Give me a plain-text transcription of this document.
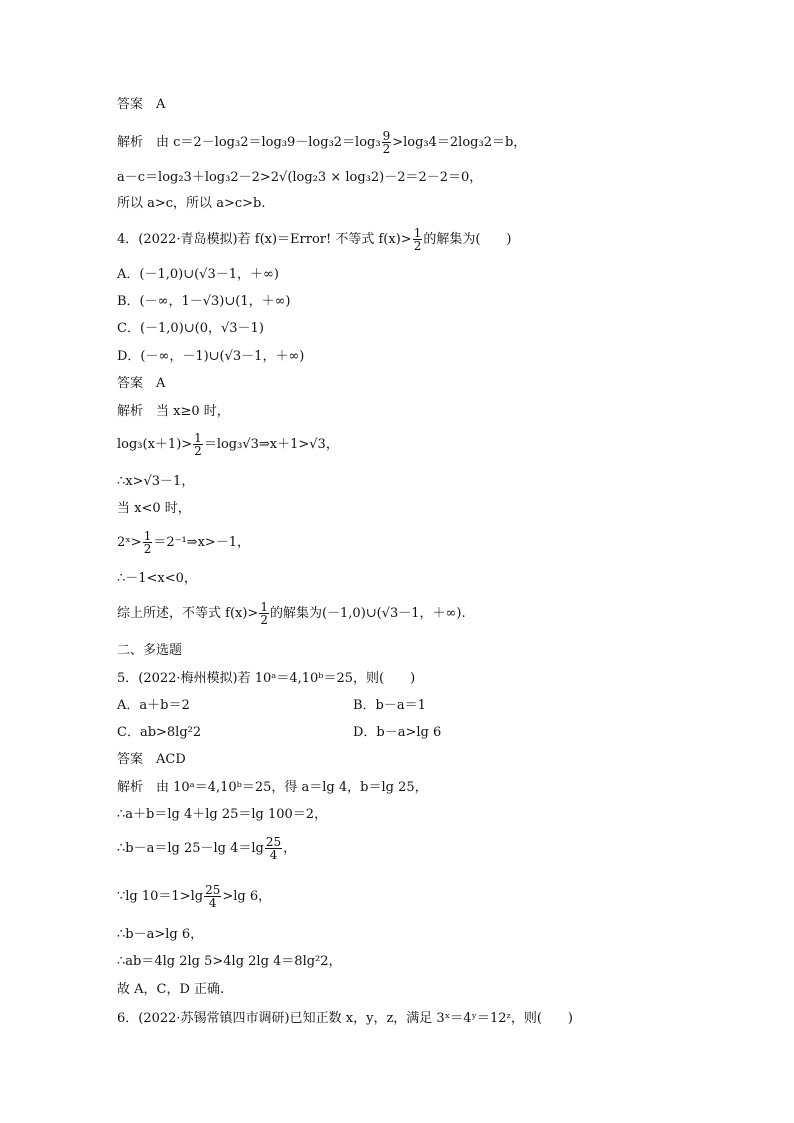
答案　A
解析　由 $c=2-\log_32=\log_39-\log_32=\log_3 \frac{9}{2} >\log_34=2\log_32=b$，
a－c＝log₂3＋log₃2－2>2√(log₂3 × log₃2)－2＝2－2＝0，
所以 a>c，所以 a>c>b.
4．(2022·青岛模拟)若 f(x)＝Error! 不等式 $f(x)> \frac{1}{2}$ 的解集为(　　)
A．(－1,0)∪(√3－1，＋∞)
B．(－∞，1－√3)∪(1，＋∞)
C．(－1,0)∪(0，√3－1)
D．(－∞，－1)∪(√3－1，＋∞)
答案　A
解析　当 x≥0 时，
$\log_3(x+1)> \frac{1}{2}$ ＝log₃√3⇒x＋1>√3，
∴x>√3－1，
当 x<0 时，
2ˣ> $\frac{1}{2}$ ＝2⁻¹⇒x>－1，
∴－1<x<0，
综上所述，不等式 $f(x)> \frac{1}{2}$ 的解集为(－1,0)∪(√3－1，＋∞).
二、多选题
5．(2022·梅州模拟)若 10ᵃ＝4,10ᵇ＝25，则(　　)
A．a＋b＝2	B．b－a＝1
C．ab>8lg²2	D．b－a>lg 6
答案　ACD
解析　由 10ᵃ＝4,10ᵇ＝25，得 a＝lg 4，b＝lg 25，
∴a＋b＝lg 4＋lg 25＝lg 100＝2，
∴b－a＝lg 25－lg $4=\lg \frac{25}{4}$ ，
∵lg $10=1>\lg \frac{25}{4} >\lg$ 6，
∴b－a>lg 6，
∴ab＝4lg 2lg 5>4lg 2lg 4＝8lg²2，
故 A，C，D 正确.
6．(2022·苏锡常镇四市调研)已知正数 x，y，z，满足 3ˣ＝4ʸ＝12ᶻ，则(　　)
